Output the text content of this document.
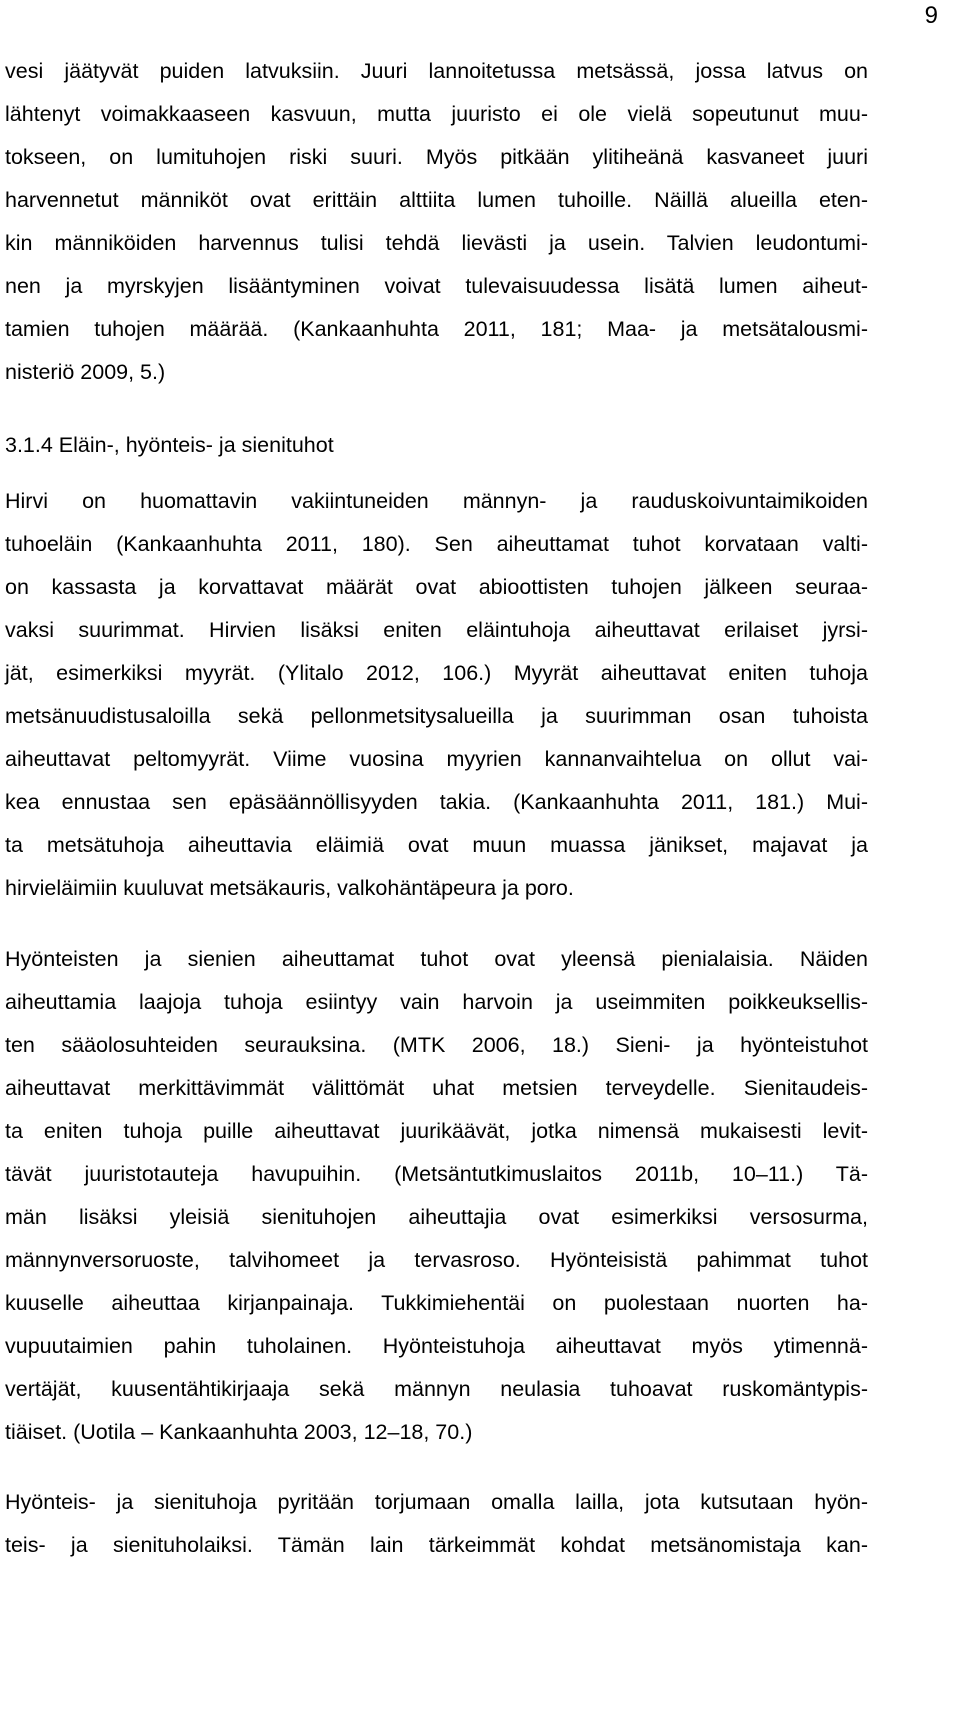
9
vesi jäätyvät puiden latvuksiin. Juuri lannoitetussa metsässä, jossa latvus on
lähtenyt voimakkaaseen kasvuun, mutta juuristo ei ole vielä sopeutunut muu-
tokseen, on lumituhojen riski suuri. Myös pitkään ylitiheänä kasvaneet juuri
harvennetut männiköt ovat erittäin alttiita lumen tuhoille. Näillä alueilla eten-
kin männiköiden harvennus tulisi tehdä lievästi ja usein. Talvien leudontumi-
nen ja myrskyjen lisääntyminen voivat tulevaisuudessa lisätä lumen aiheut-
tamien tuhojen määrää. (Kankaanhuhta 2011, 181; Maa- ja metsätalousmi-
nisteriö 2009, 5.)
3.1.4 Eläin-, hyönteis- ja sienituhot
Hirvi on huomattavin vakiintuneiden männyn- ja rauduskoivuntaimikoiden
tuhoeläin (Kankaanhuhta 2011, 180). Sen aiheuttamat tuhot korvataan valti-
on kassasta ja korvattavat määrät ovat abioottisten tuhojen jälkeen seuraa-
vaksi suurimmat. Hirvien lisäksi eniten eläintuhoja aiheuttavat erilaiset jyrsi-
jät, esimerkiksi myyrät. (Ylitalo 2012, 106.) Myyrät aiheuttavat eniten tuhoja
metsänuudistusaloilla sekä pellonmetsitysalueilla ja suurimman osan tuhoista
aiheuttavat peltomyyrät. Viime vuosina myyrien kannanvaihtelua on ollut vai-
kea ennustaa sen epäsäännöllisyyden takia. (Kankaanhuhta 2011, 181.) Mui-
ta metsätuhoja aiheuttavia eläimiä ovat muun muassa jänikset, majavat ja
hirvieläimiin kuuluvat metsäkauris, valkohäntäpeura ja poro.
Hyönteisten ja sienien aiheuttamat tuhot ovat yleensä pienialaisia. Näiden
aiheuttamia laajoja tuhoja esiintyy vain harvoin ja useimmiten poikkeuksellis-
ten sääolosuhteiden seurauksina. (MTK 2006, 18.) Sieni- ja hyönteistuhot
aiheuttavat merkittävimmät välittömät uhat metsien terveydelle. Sienitaudeis-
ta eniten tuhoja puille aiheuttavat juurikäävät, jotka nimensä mukaisesti levit-
tävät juuristotauteja havupuihin. (Metsäntutkimuslaitos 2011b, 10–11.) Tä-
män lisäksi yleisiä sienituhojen aiheuttajia ovat esimerkiksi versosurma,
männynversoruoste, talvihomeet ja tervasroso. Hyönteisistä pahimmat tuhot
kuuselle aiheuttaa kirjanpainaja. Tukkimiehentäi on puolestaan nuorten ha-
vupuutaimien pahin tuholainen. Hyönteistuhoja aiheuttavat myös ytimennä-
vertäjät, kuusentähtikirjaaja sekä männyn neulasia tuhoavat ruskomäntypis-
tiäiset. (Uotila – Kankaanhuhta 2003, 12–18, 70.)
Hyönteis- ja sienituhoja pyritään torjumaan omalla lailla, jota kutsutaan hyön-
teis- ja sienituholaiksi. Tämän lain tärkeimmät kohdat metsänomistaja kan-
